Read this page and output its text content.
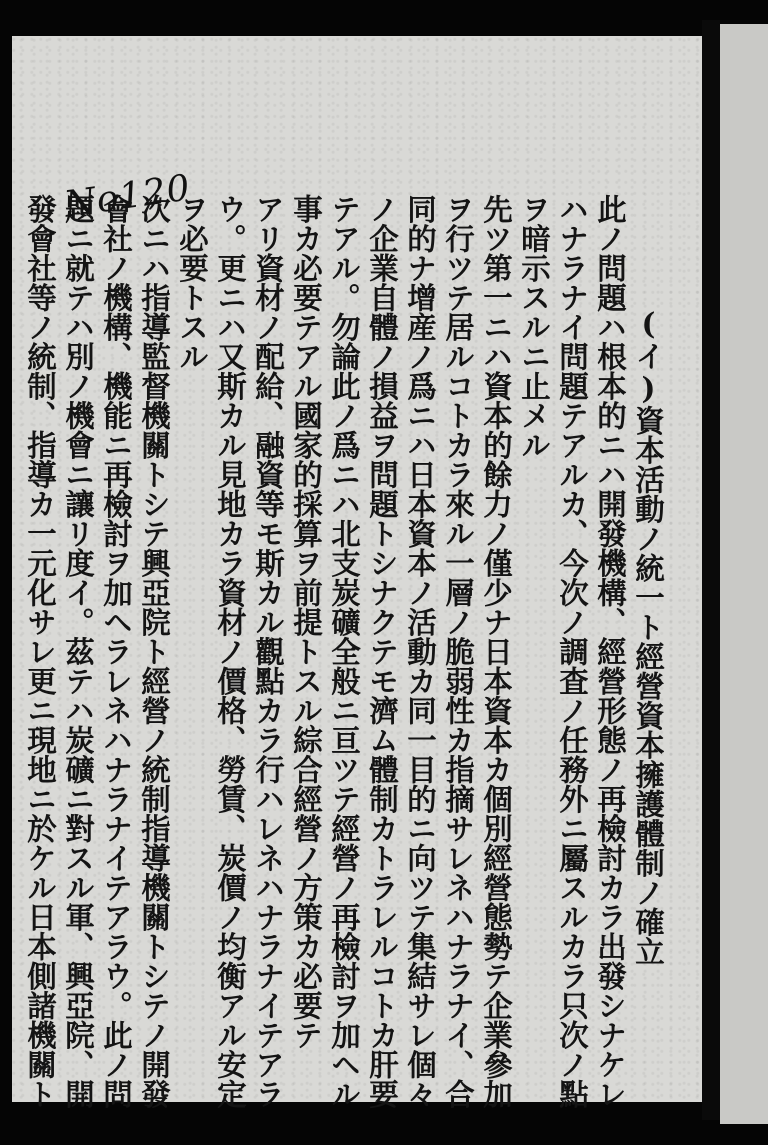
No120
(イ)資本活動ノ統一ト經營資本擁護體制ノ確立
此ノ問題ハ根本的ニハ開發機構、經營形態ノ再檢討カラ出發シナケレ
ハナラナイ問題テアルカ、今次ノ調査ノ任務外ニ屬スルカラ只次ノ點
ヲ暗示スルニ止メル
先ツ第一ニハ資本的餘力ノ僅少ナ日本資本カ個別經營態勢テ企業參加
ヲ行ツテ居ルコトカラ來ル一層ノ脆弱性カ指摘サレネハナラナイ、合
同的ナ增産ノ爲ニハ日本資本ノ活動カ同一目的ニ向ツテ集結サレ個々
ノ企業自體ノ損益ヲ問題トシナクテモ濟ム體制カトラレルコトカ肝要
テアル。勿論此ノ爲ニハ北支炭礦全般ニ亘ツテ經營ノ再檢討ヲ加ヘル
事カ必要テアル國家的採算ヲ前提トスル綜合經營ノ方策カ必要テ
アリ資材ノ配給、融資等モ斯カル觀點カラ行ハレネハナラナイテアラ
ウ。更ニハ又斯カル見地カラ資材ノ價格、勞賃、炭價ノ均衡アル安定
ヲ必要トスル
次ニハ指導監督機關トシテ興亞院ト經營ノ統制指導機關トシテノ開發
會社ノ機構、機能ニ再檢討ヲ加ヘラレネハナラナイテアラウ。此ノ問
題ニ就テハ別ノ機會ニ讓リ度イ。茲テハ炭礦ニ對スル軍、興亞院、開
發會社等ノ統制、指導カ一元化サレ更ニ現地ニ於ケル日本側諸機關ト
